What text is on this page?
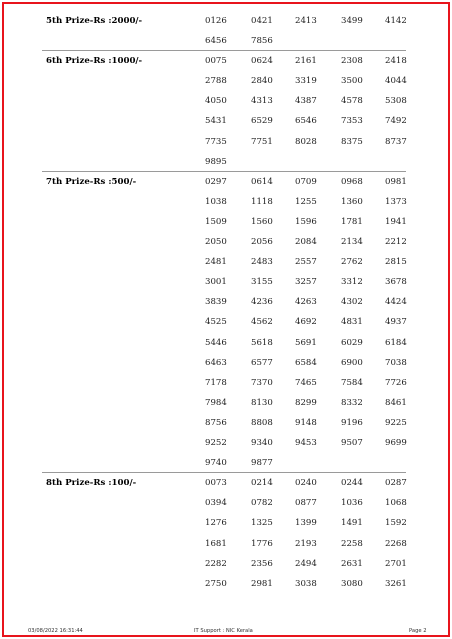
5th Prize-Rs :2000/-	0126	0421	2413	3499	4142
6456	7856
6th Prize-Rs :1000/-	0075	0624	2161	2308	2418
2788	2840	3319	3500	4044
4050	4313	4387	4578	5308
5431	6529	6546	7353	7492
7735	7751	8028	8375	8737
9895
7th Prize-Rs :500/-	0297	0614	0709	0968	0981
1038	1118	1255	1360	1373
1509	1560	1596	1781	1941
2050	2056	2084	2134	2212
2481	2483	2557	2762	2815
3001	3155	3257	3312	3678
3839	4236	4263	4302	4424
4525	4562	4692	4831	4937
5446	5618	5691	6029	6184
6463	6577	6584	6900	7038
7178	7370	7465	7584	7726
7984	8130	8299	8332	8461
8756	8808	9148	9196	9225
9252	9340	9453	9507	9699
9740	9877
8th Prize-Rs :100/-	0073	0214	0240	0244	0287
0394	0782	0877	1036	1068
1276	1325	1399	1491	1592
1681	1776	2193	2258	2268
2282	2356	2494	2631	2701
2750	2981	3038	3080	3261
03/08/2022 16:31:44	IT Support : NIC Kerala	Page 2
